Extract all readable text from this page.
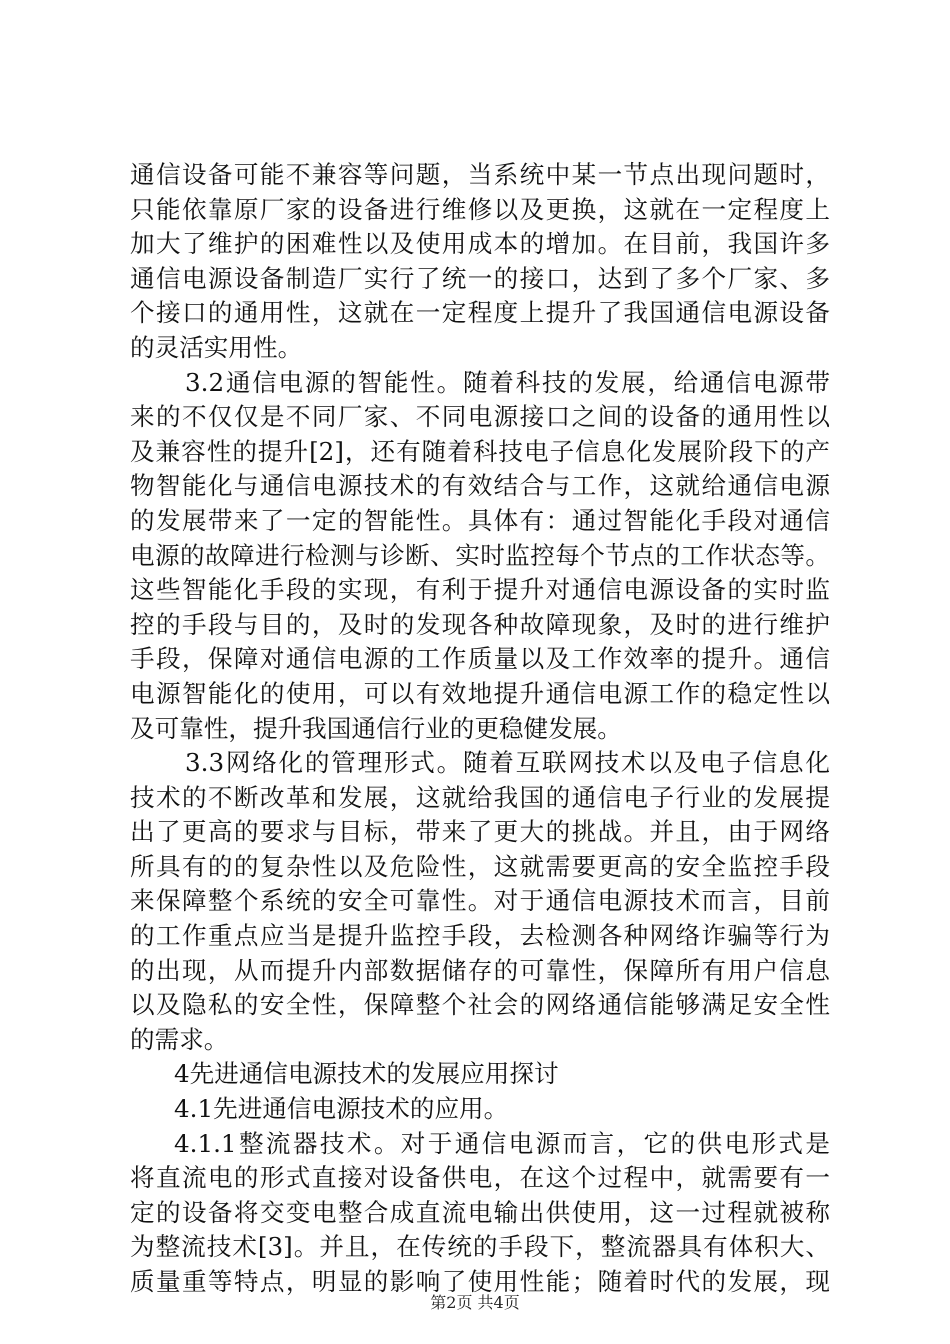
通信设备可能不兼容等问题，当系统中某一节点出现问题时，
只能依靠原厂家的设备进行维修以及更换，这就在一定程度上
加大了维护的困难性以及使用成本的增加。在目前，我国许多
通信电源设备制造厂实行了统一的接口，达到了多个厂家、多
个接口的通用性，这就在一定程度上提升了我国通信电源设备
的灵活实用性。
3.2通信电源的智能性。随着科技的发展，给通信电源带
来的不仅仅是不同厂家、不同电源接口之间的设备的通用性以
及兼容性的提升[2]，还有随着科技电子信息化发展阶段下的产
物智能化与通信电源技术的有效结合与工作，这就给通信电源
的发展带来了一定的智能性。具体有：通过智能化手段对通信
电源的故障进行检测与诊断、实时监控每个节点的工作状态等。
这些智能化手段的实现，有利于提升对通信电源设备的实时监
控的手段与目的，及时的发现各种故障现象，及时的进行维护
手段，保障对通信电源的工作质量以及工作效率的提升。通信
电源智能化的使用，可以有效地提升通信电源工作的稳定性以
及可靠性，提升我国通信行业的更稳健发展。
3.3网络化的管理形式。随着互联网技术以及电子信息化
技术的不断改革和发展，这就给我国的通信电子行业的发展提
出了更高的要求与目标，带来了更大的挑战。并且，由于网络
所具有的的复杂性以及危险性，这就需要更高的安全监控手段
来保障整个系统的安全可靠性。对于通信电源技术而言，目前
的工作重点应当是提升监控手段，去检测各种网络诈骗等行为
的出现，从而提升内部数据储存的可靠性，保障所有用户信息
以及隐私的安全性，保障整个社会的网络通信能够满足安全性
的需求。
4先进通信电源技术的发展应用探讨
4.1先进通信电源技术的应用。
4.1.1整流器技术。对于通信电源而言，它的供电形式是
将直流电的形式直接对设备供电，在这个过程中，就需要有一
定的设备将交变电整合成直流电输出供使用，这一过程就被称
为整流技术[3]。并且，在传统的手段下，整流器具有体积大、
质量重等特点，明显的影响了使用性能；随着时代的发展，现
第2页 共4页
